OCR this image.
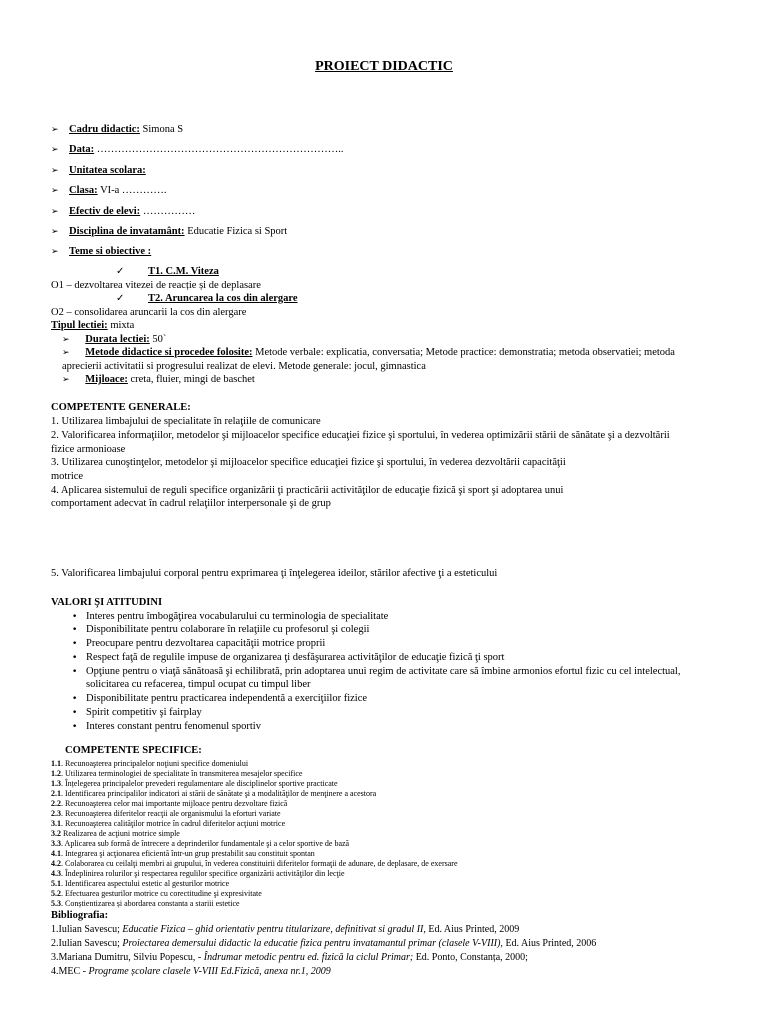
PROIECT DIDACTIC
➢ Cadru didactic: Simona S
➢ Data: ……………………………………………………………..
➢ Unitatea scolara:
➢ Clasa: VI-a ………….
➢ Efectiv de elevi: ……………
➢ Disciplina de invatamânt: Educatie Fizica si Sport
➢ Teme si obiective :
✓ T1. C.M. Viteza
O1 – dezvoltarea vitezei de reacție și de deplasare
✓ T2. Aruncarea la cos din alergare
O2 – consolidarea aruncarii la cos din alergare
Tipul lectiei: mixta
➢ Durata lectiei: 50`
➢ Metode didactice si procedee folosite: Metode verbale: explicatia, conversatia; Metode practice: demonstratia; metoda observatiei; metoda
aprecierii activitatii si progresului realizat de elevi. Metode generale: jocul, gimnastica
➢ Mijloace: creta, fluier, mingi de baschet
COMPETENTE GENERALE:
1. Utilizarea limbajului de specialitate în relaţiile de comunicare
2. Valorificarea informaţiilor, metodelor şi mijloacelor specifice educaţiei fizice şi sportului, în vederea optimizării stării de sănătate şi a dezvoltării
fizice armonioase
3. Utilizarea cunoştinţelor, metodelor şi mijloacelor specifice educaţiei fizice şi sportului, în vederea dezvoltării capacităţii
motrice
4. Aplicarea sistemului de reguli specifice organizării ţi practicării activităţilor de educaţie fizică şi sport şi adoptarea unui
comportament adecvat în cadrul relaţiilor interpersonale şi de grup
5. Valorificarea limbajului corporal pentru exprimarea ţi înţelegerea ideilor, stărilor afective ţi a esteticului
VALORI ŞI ATITUDINI
• Interes pentru îmbogăţirea vocabularului cu terminologia de specialitate
• Disponibilitate pentru colaborare în relaţiile cu profesorul şi colegii
• Preocupare pentru dezvoltarea capacităţii motrice proprii
• Respect faţă de regulile impuse de organizarea ţi desfăşurarea activităţilor de educaţie fizică ţi sport
• Opţiune pentru o viaţă sănătoasă şi echilibrată, prin adoptarea unui regim de activitate care să îmbine armonios efortul fizic cu cel intelectual,
solicitarea cu refacerea, timpul ocupat cu timpul liber
• Disponibilitate pentru practicarea independentă a exerciţiilor fizice
• Spirit competitiv şi fairplay
• Interes constant pentru fenomenul sportiv
COMPETENTE SPECIFICE:
1.1. Recunoaşterea principalelor noţiuni specifice domeniului
1.2. Utilizarea terminologiei de specialitate în transmiterea mesajelor specifice
1.3. Înțelegerea principalelor prevederi regulamentare ale disciplinelor sportive practicate
2.1. Identificarea principalilor indicatori ai stării de sănătate şi a modalităţilor de menţinere a acestora
2.2. Recunoaşterea celor mai importante mijloace pentru dezvoltare fizică
2.3. Recunoaşterea diferitelor reacţii ale organismului la eforturi variate
3.1. Recunoaşterea calităţilor motrice în cadrul diferitelor acţiuni motrice
3.2 Realizarea de acţiuni motrice simple
3.3. Aplicarea sub formă de întrecere a deprinderilor fundamentale şi a celor sportive de bază
4.1. Integrarea şi acţionarea eficientă într-un grup prestabilit sau constituit spontan
4.2. Colaborarea cu ceilalţi membri ai grupului, în vederea constituirii diferitelor formaţii de adunare, de deplasare, de exersare
4.3. Îndeplinirea rolurilor şi respectarea regulilor specifice organizării activităţilor din lecţie
5.1. Identificarea aspectului estetic al gesturilor motrice
5.2. Efectuarea gesturilor motrice cu corectitudine şi expresivitate
5.3. Conștientizarea și abordarea constanta a stariii estetice
Bibliografia:
1.Iulian Savescu; Educatie Fizica – ghid orientativ pentru titularizare, definitivat si gradul II, Ed. Aius Printed, 2009
2.Iulian Savescu; Proiectarea demersului didactic la educatie fizica pentru invatamantul primar (clasele V-VIII), Ed. Aius Printed, 2006
3.Mariana Dumitru, Silviu Popescu, - Îndrumar metodic pentru ed. fizică la ciclul Primar; Ed. Ponto, Constanța, 2000;
4.MEC - Programe școlare clasele V-VIII Ed.Fizică, anexa nr.1, 2009
